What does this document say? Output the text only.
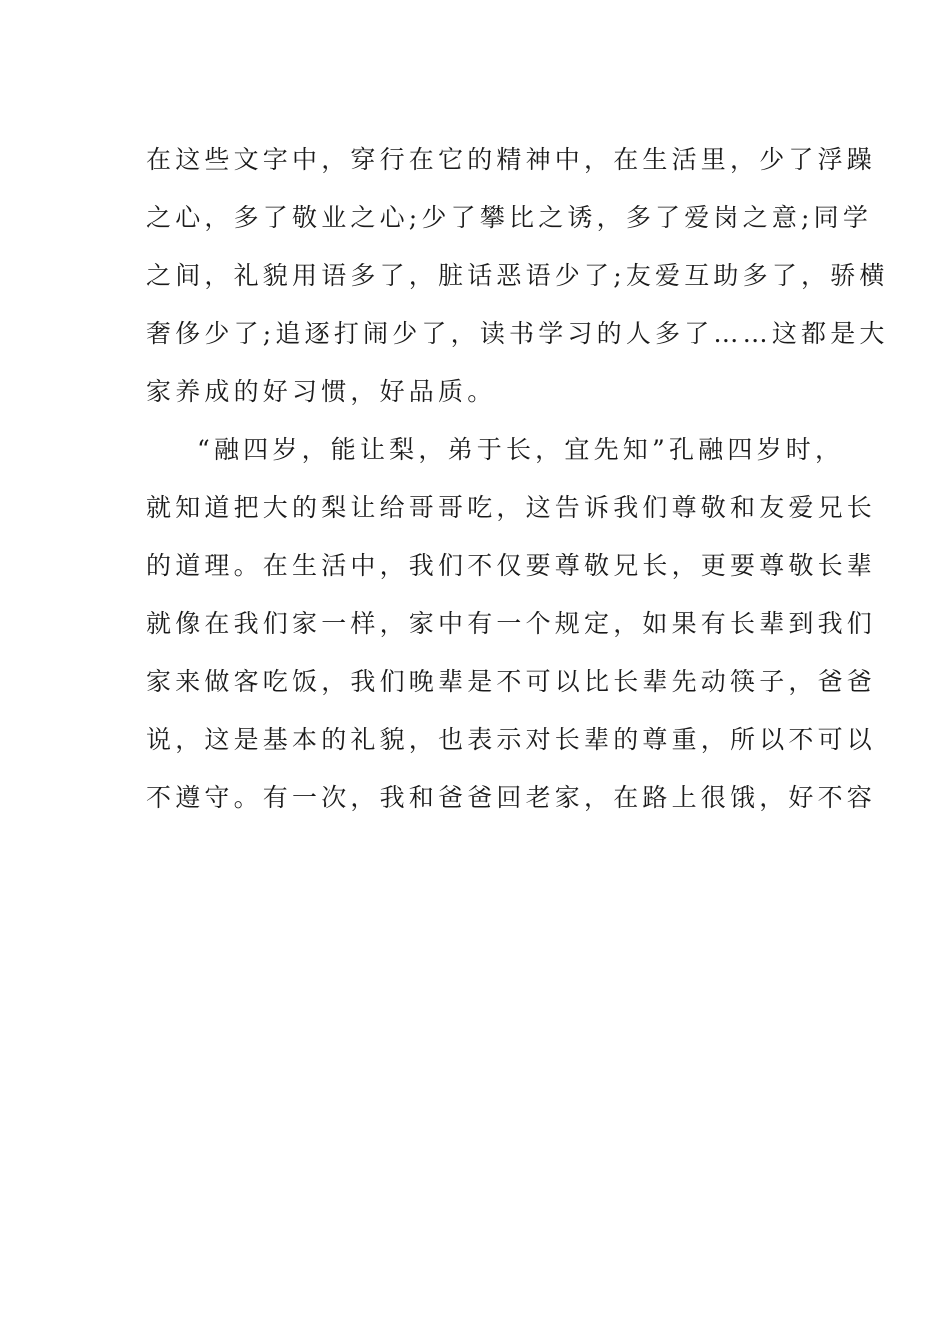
在这些文字中，穿行在它的精神中，在生活里，少了浮躁
之心，多了敬业之心;少了攀比之诱，多了爱岗之意;同学
之间，礼貌用语多了，脏话恶语少了;友爱互助多了，骄横
奢侈少了;追逐打闹少了，读书学习的人多了……这都是大
家养成的好习惯，好品质。
“融四岁，能让梨，弟于长，宜先知”孔融四岁时，
就知道把大的梨让给哥哥吃，这告诉我们尊敬和友爱兄长
的道理。在生活中，我们不仅要尊敬兄长，更要尊敬长辈
就像在我们家一样，家中有一个规定，如果有长辈到我们
家来做客吃饭，我们晚辈是不可以比长辈先动筷子，爸爸
说，这是基本的礼貌，也表示对长辈的尊重，所以不可以
不遵守。有一次，我和爸爸回老家，在路上很饿，好不容
